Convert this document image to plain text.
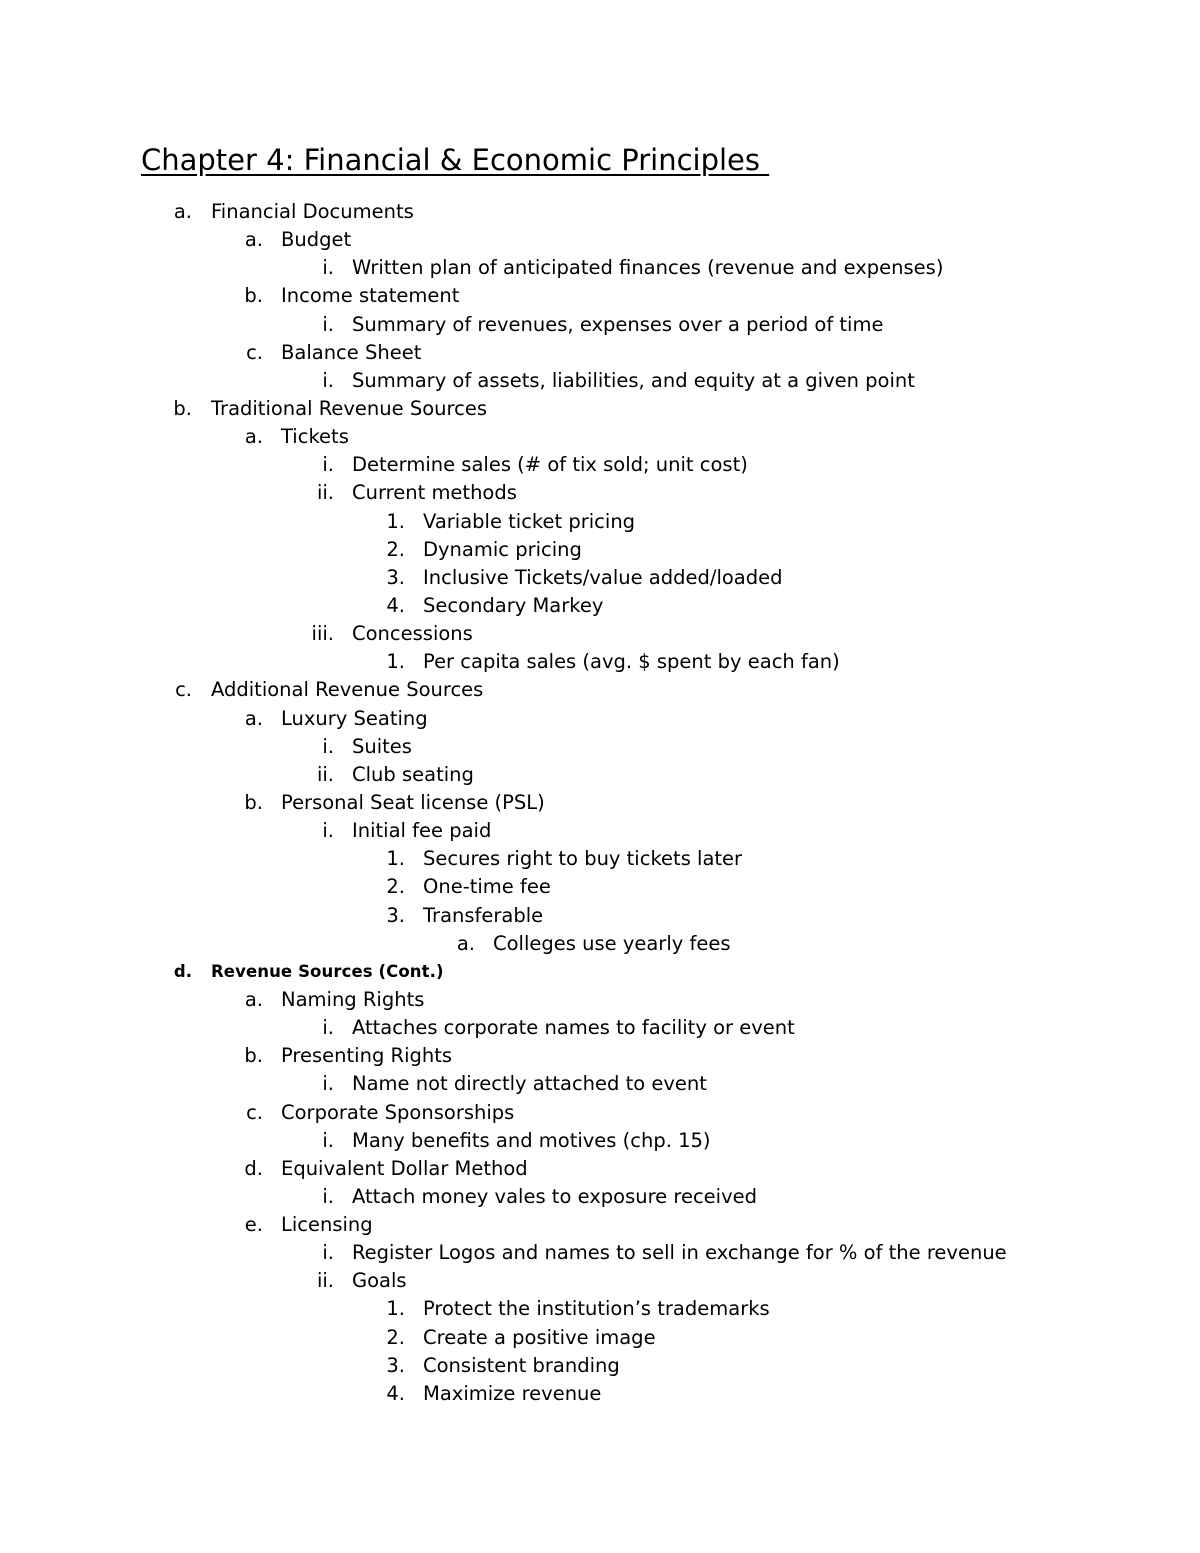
Chapter 4: Financial & Economic Principles
a. Financial Documents
a. Budget
i. Written plan of anticipated finances (revenue and expenses)
b. Income statement
i. Summary of revenues, expenses over a period of time
c. Balance Sheet
i. Summary of assets, liabilities, and equity at a given point
b. Traditional Revenue Sources
a. Tickets
i. Determine sales (# of tix sold; unit cost)
ii. Current methods
1. Variable ticket pricing
2. Dynamic pricing
3. Inclusive Tickets/value added/loaded
4. Secondary Markey
iii. Concessions
1. Per capita sales (avg. $ spent by each fan)
c. Additional Revenue Sources
a. Luxury Seating
i. Suites
ii. Club seating
b. Personal Seat license (PSL)
i. Initial fee paid
1. Secures right to buy tickets later
2. One-time fee
3. Transferable
a. Colleges use yearly fees
d. Revenue Sources (Cont.)
a. Naming Rights
i. Attaches corporate names to facility or event
b. Presenting Rights
i. Name not directly attached to event
c. Corporate Sponsorships
i. Many benefits and motives (chp. 15)
d. Equivalent Dollar Method
i. Attach money vales to exposure received
e. Licensing
i. Register Logos and names to sell in exchange for % of the revenue
ii. Goals
1. Protect the institution’s trademarks
2. Create a positive image
3. Consistent branding
4. Maximize revenue
